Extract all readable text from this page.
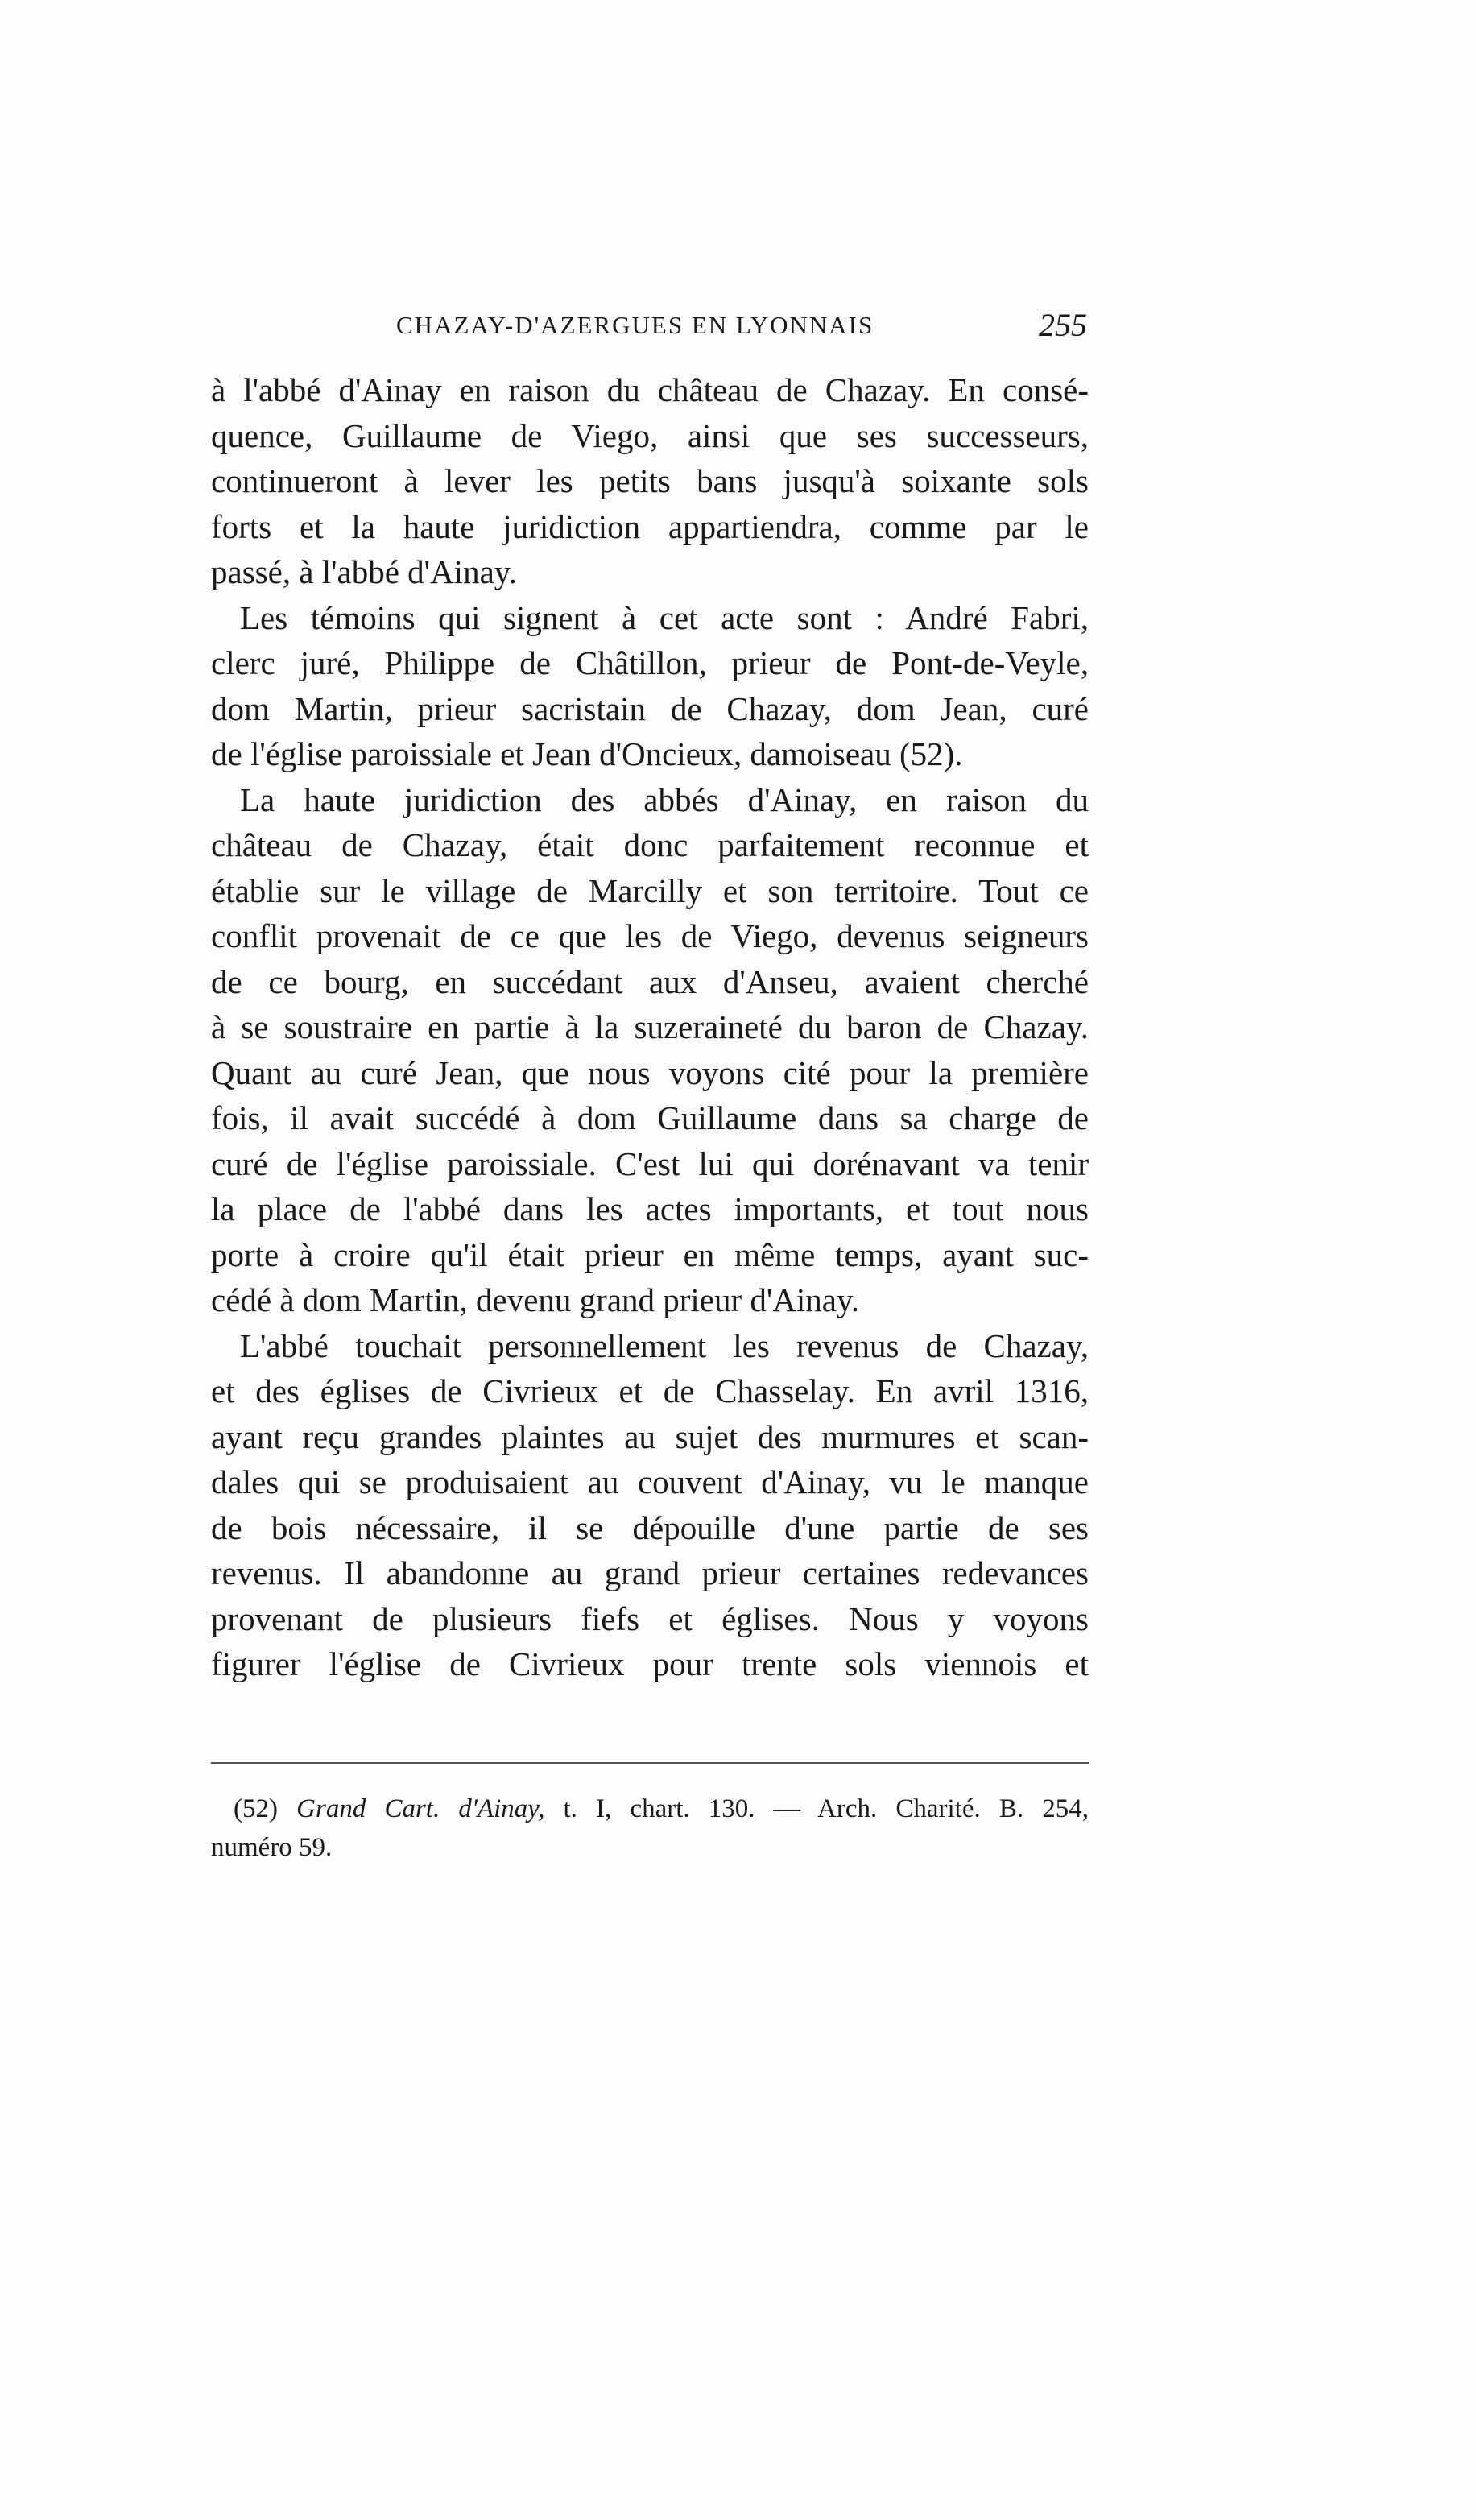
CHAZAY-D'AZERGUES EN LYONNAIS	255
à l'abbé d'Ainay en raison du château de Chazay. En consé-
quence, Guillaume de Viego, ainsi que ses successeurs,
continueront à lever les petits bans jusqu'à soixante sols
forts et la haute juridiction appartiendra, comme par le
passé, à l'abbé d'Ainay.
Les témoins qui signent à cet acte sont : André Fabri,
clerc juré, Philippe de Châtillon, prieur de Pont-de-Veyle,
dom Martin, prieur sacristain de Chazay, dom Jean, curé
de l'église paroissiale et Jean d'Oncieux, damoiseau (52).
La haute juridiction des abbés d'Ainay, en raison du
château de Chazay, était donc parfaitement reconnue et
établie sur le village de Marcilly et son territoire. Tout ce
conflit provenait de ce que les de Viego, devenus seigneurs
de ce bourg, en succédant aux d'Anseu, avaient cherché
à se soustraire en partie à la suzeraineté du baron de Chazay.
Quant au curé Jean, que nous voyons cité pour la première
fois, il avait succédé à dom Guillaume dans sa charge de
curé de l'église paroissiale. C'est lui qui dorénavant va tenir
la place de l'abbé dans les actes importants, et tout nous
porte à croire qu'il était prieur en même temps, ayant suc-
cédé à dom Martin, devenu grand prieur d'Ainay.
L'abbé touchait personnellement les revenus de Chazay,
et des églises de Civrieux et de Chasselay. En avril 1316,
ayant reçu grandes plaintes au sujet des murmures et scan-
dales qui se produisaient au couvent d'Ainay, vu le manque
de bois nécessaire, il se dépouille d'une partie de ses
revenus. Il abandonne au grand prieur certaines redevances
provenant de plusieurs fiefs et églises. Nous y voyons
figurer l'église de Civrieux pour trente sols viennois et
(52) Grand Cart. d'Ainay, t. I, chart. 130. — Arch. Charité. B. 254,
numéro 59.
